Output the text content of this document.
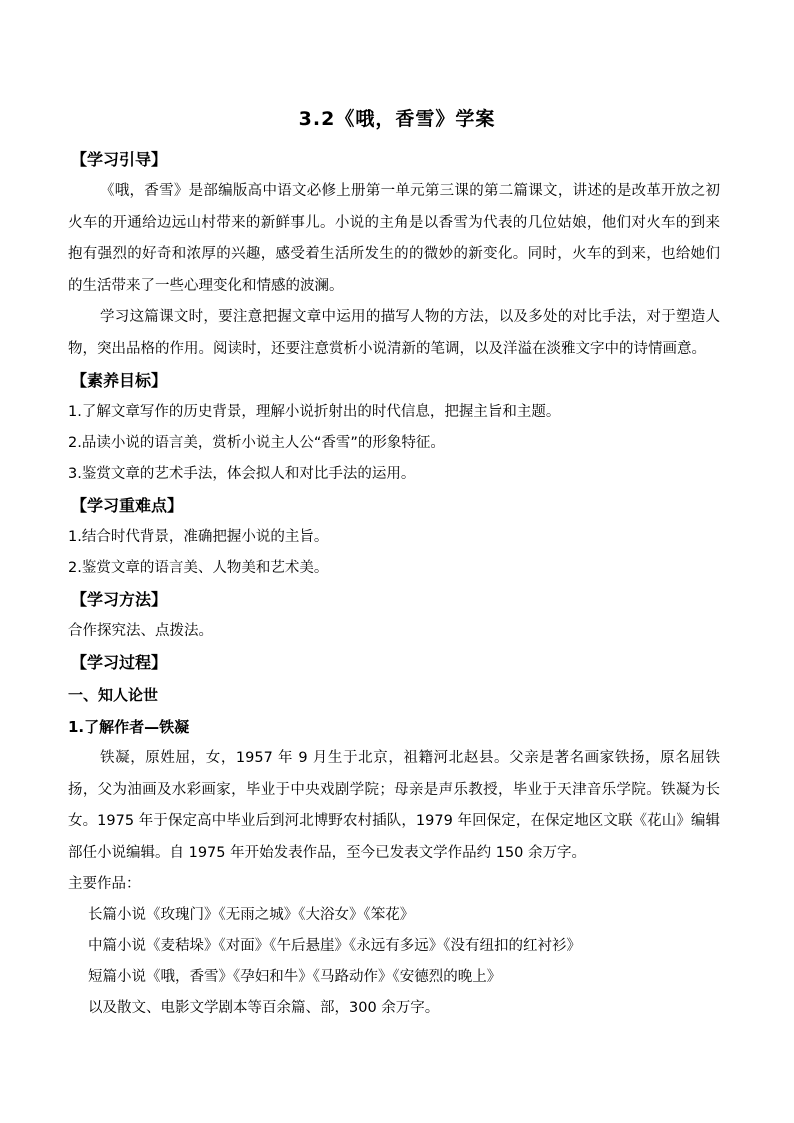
3.2《哦，香雪》学案
【学习引导】

《哦，香雪》是部编版高中语文必修上册第一单元第三课的第二篇课文，讲述的是改革开放之初火车的开通给边远山村带来的新鲜事儿。小说的主角是以香雪为代表的几位姑娘，他们对火车的到来抱有强烈的好奇和浓厚的兴趣，感受着生活所发生的的微妙的新变化。同时，火车的到来，也给她们的生活带来了一些心理变化和情感的波澜。

学习这篇课文时，要注意把握文章中运用的描写人物的方法，以及多处的对比手法，对于塑造人物，突出品格的作用。阅读时，还要注意赏析小说清新的笔调，以及洋溢在淡雅文字中的诗情画意。

【素养目标】

1.了解文章写作的历史背景，理解小说折射出的时代信息，把握主旨和主题。

2.品读小说的语言美，赏析小说主人公“香雪”的形象特征。

3.鉴赏文章的艺术手法，体会拟人和对比手法的运用。

【学习重难点】

1.结合时代背景，准确把握小说的主旨。

2.鉴赏文章的语言美、人物美和艺术美。

【学习方法】

合作探究法、点拨法。

【学习过程】
一、知人论世
1.了解作者—铁凝

铁凝，原姓屈，女，1957 年 9 月生于北京，祖籍河北赵县。父亲是著名画家铁扬，原名屈铁扬，父为油画及水彩画家，毕业于中央戏剧学院；母亲是声乐教授，毕业于天津音乐学院。铁凝为长女。1975 年于保定高中毕业后到河北博野农村插队，1979 年回保定，在保定地区文联《花山》编辑部任小说编辑。自 1975 年开始发表作品，至今已发表文学作品约 150 余万字。

主要作品：

长篇小说《玫瑰门》《无雨之城》《大浴女》《笨花》

中篇小说《麦秸垛》《对面》《午后悬崖》《永远有多远》《没有纽扣的红衬衫》

短篇小说《哦，香雪》《孕妇和牛》《马路动作》《安德烈的晚上》

以及散文、电影文学剧本等百余篇、部，300 余万字。
